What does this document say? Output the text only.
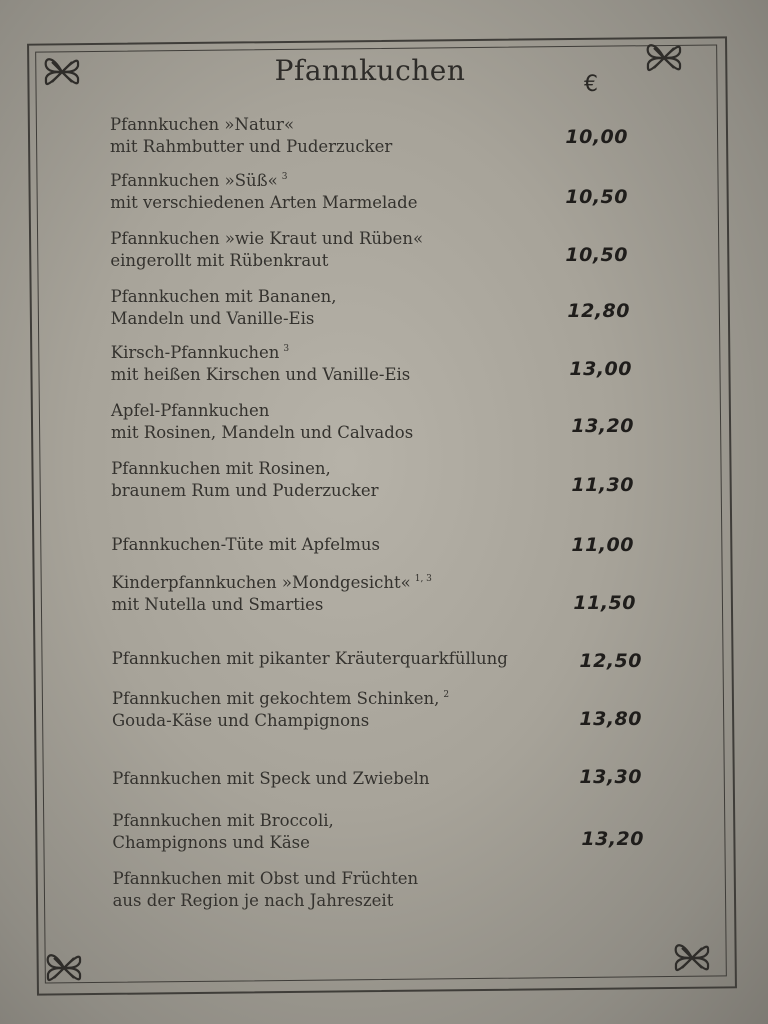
Pfannkuchen	€
Pfannkuchen »Natur«
mit Rahmbutter und Puderzucker	10,00
Pfannkuchen »Süß« $^3$
mit verschiedenen Arten Marmelade	10,50
Pfannkuchen »wie Kraut und Rüben«
eingerollt mit Rübenkraut	10,50
Pfannkuchen mit Bananen,
Mandeln und Vanille-Eis	12,80
Kirsch-Pfannkuchen $^3$
mit heißen Kirschen und Vanille-Eis	13,00
Apfel-Pfannkuchen
mit Rosinen, Mandeln und Calvados	13,20
Pfannkuchen mit Rosinen,
braunem Rum und Puderzucker	11,30
Pfannkuchen-Tüte mit Apfelmus	11,00
Kinderpfannkuchen »Mondgesicht« $^{1, 3}$
mit Nutella und Smarties	11,50
Pfannkuchen mit pikanter Kräuterquarkfüllung	12,50
Pfannkuchen mit gekochtem Schinken, $^2$
Gouda-Käse und Champignons	13,80
Pfannkuchen mit Speck und Zwiebeln	13,30
Pfannkuchen mit Broccoli,
Champignons und Käse	13,20
Pfannkuchen mit Obst und Früchten
aus der Region je nach Jahreszeit
